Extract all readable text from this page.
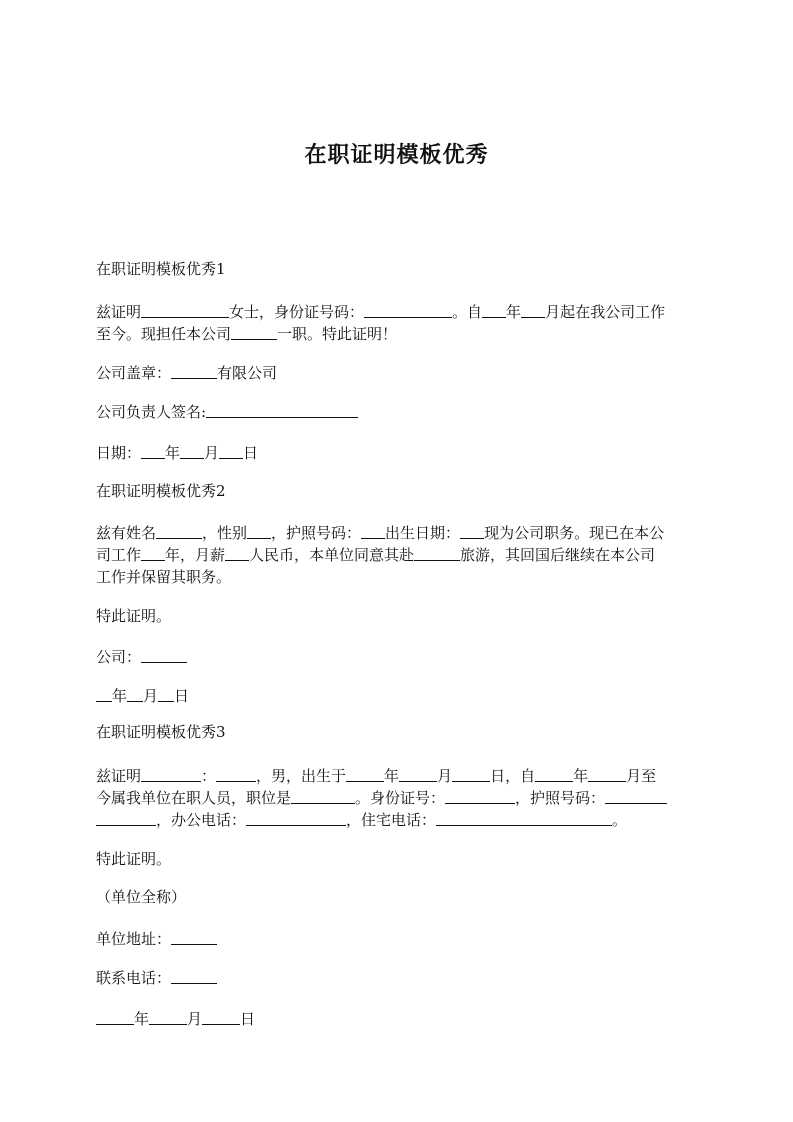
在职证明模板优秀

在职证明模板优秀1

兹证明	女士，身份证号码：	。自 年 月起在我公司工作

至今。现担任本公司	一职。特此证明！

公司盖章：	有限公司

公司负责人签名:

日期： 年 月 日

在职证明模板优秀2

兹有姓名	，性别 ，护照号码： 出生日期： 现为公司职务。现已在本公

司工作 年，月薪 人民币，本单位同意其赴	旅游，其回国后继续在本公司

工作并保留其职务。

特此证明。

公司：

年 月 日

在职证明模板优秀3

兹证明	：	，男，出生于	年	月	日，自	年	月至

今属我单位在职人员，职位是	。身份证号：	，护照号码：

，办公电话：	，住宅电话：	。

特此证明。

（单位全称）

单位地址：

联系电话：

年	月	日
